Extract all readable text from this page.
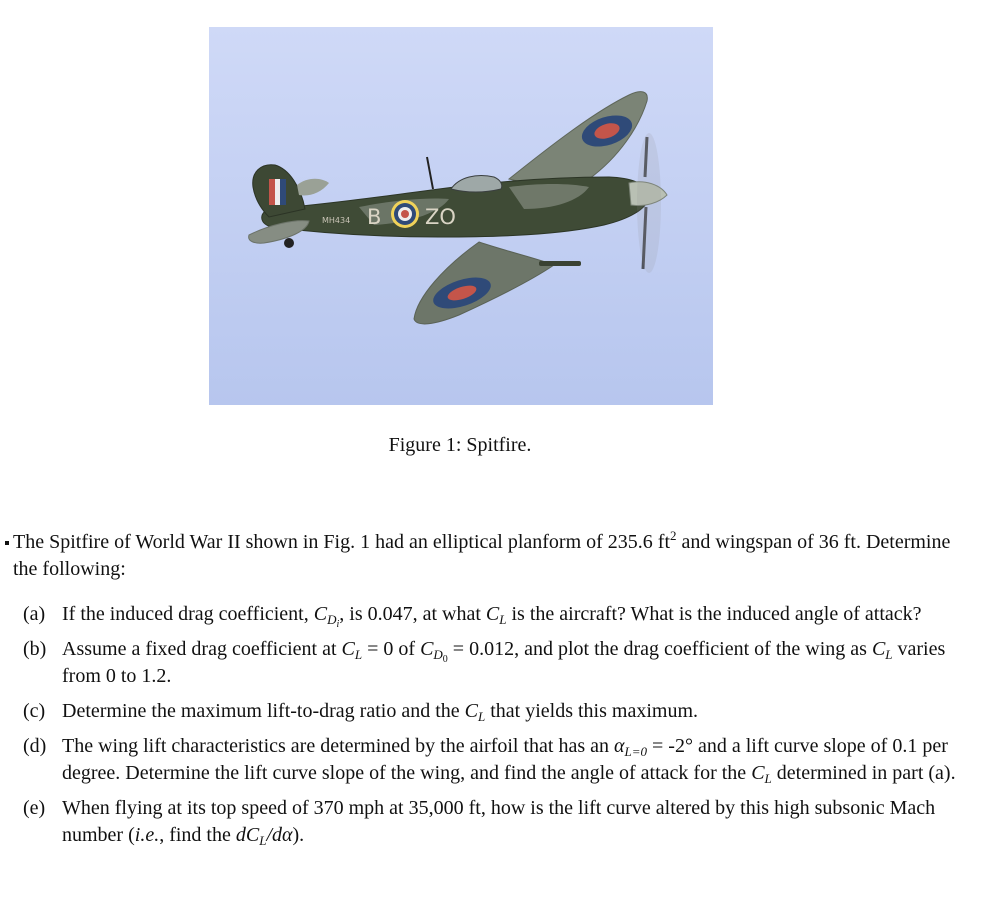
B ZO
MH434
Figure 1: Spitfire.

The Spitfire of World War II shown in Fig. 1 had an elliptical planform of 235.6 $ft^2$ and wingspan of 36 ft. Determine the following:

(a) If the induced drag coefficient, $C_{D_i}$, is 0.047, at what $C_L$ is the aircraft? What is the induced angle of attack?
(b) Assume a fixed drag coefficient at $C_L = 0$ of $C_{D_0} = 0.012$, and plot the drag coefficient of the wing as $C_L$ varies from 0 to 1.2.
(c) Determine the maximum lift-to-drag ratio and the $C_L$ that yields this maximum.
(d) The wing lift characteristics are determined by the airfoil that has an $\alpha_{L=0} = -2^\circ$ and a lift curve slope of 0.1 per degree. Determine the lift curve slope of the wing, and find the angle of attack for the $C_L$ determined in part (a).
(e) When flying at its top speed of 370 mph at 35,000 ft, how is the lift curve altered by this high subsonic Mach number (i.e., find the $dC_L/d\alpha$).
